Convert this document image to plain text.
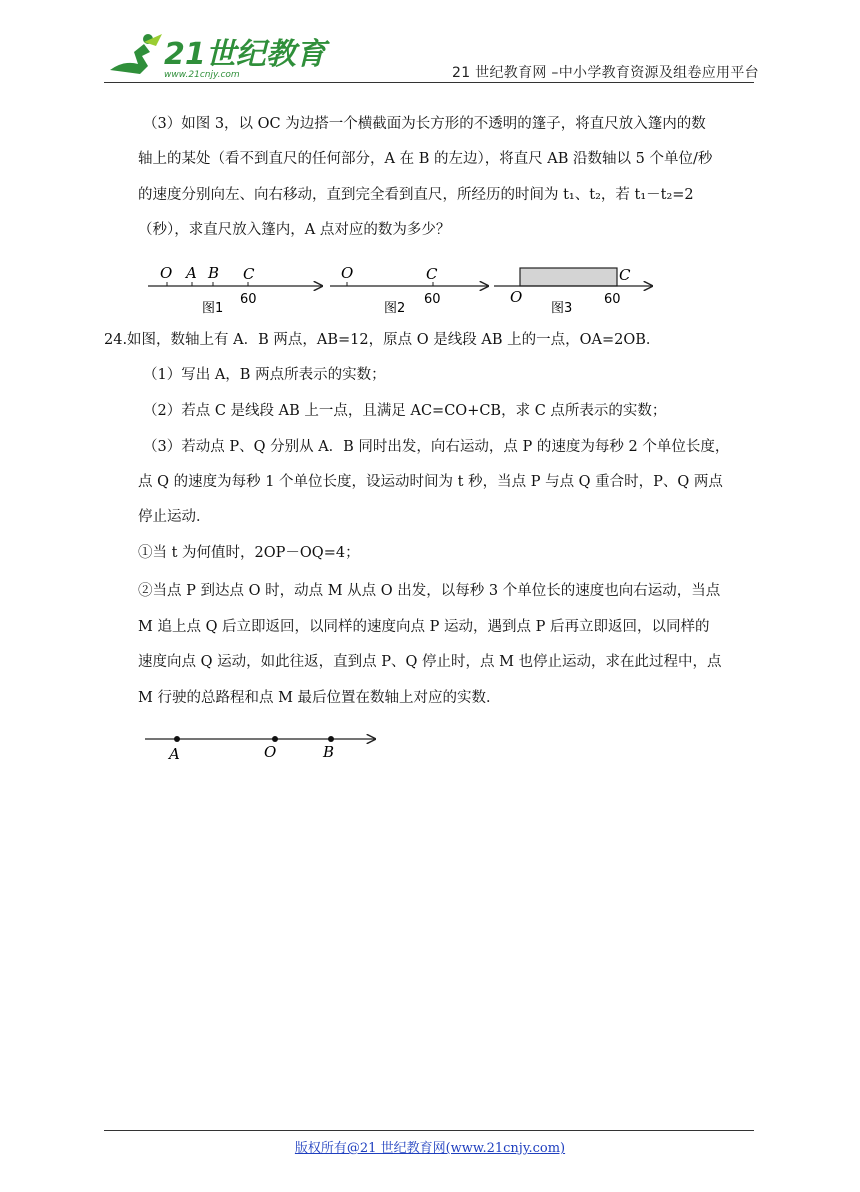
21世纪教育
www.21cnjy.com	21 世纪教育网 –中小学教育资源及组卷应用平台
（3）如图 3，以 OC 为边搭一个横截面为长方形的不透明的篷子，将直尺放入篷内的数
轴上的某处（看不到直尺的任何部分，A 在 B 的左边），将直尺 AB 沿数轴以 5 个单位/秒
的速度分别向左、向右移动，直到完全看到直尺，所经历的时间为 t₁、t₂，若 t₁－t₂=2
（秒），求直尺放入篷内，A 点对应的数为多少？
O A B C
60
图1
O	C
60
图2
C
O	60
图3
24.如图，数轴上有 A．B 两点，AB=12，原点 O 是线段 AB 上的一点，OA=2OB．
（1）写出 A，B 两点所表示的实数；
（2）若点 C 是线段 AB 上一点，且满足 AC=CO+CB，求 C 点所表示的实数；
（3）若动点 P、Q 分别从 A．B 同时出发，向右运动，点 P 的速度为每秒 2 个单位长度，
点 Q 的速度为每秒 1 个单位长度，设运动时间为 t 秒，当点 P 与点 Q 重合时，P、Q 两点
停止运动．
①当 t 为何值时，2OP－OQ=4；
②当点 P 到达点 O 时，动点 M 从点 O 出发，以每秒 3 个单位长的速度也向右运动，当点
M 追上点 Q 后立即返回，以同样的速度向点 P 运动，遇到点 P 后再立即返回，以同样的
速度向点 Q 运动，如此往返，直到点 P、Q 停止时，点 M 也停止运动，求在此过程中，点
M 行驶的总路程和点 M 最后位置在数轴上对应的实数．
A	O	B
版权所有@21 世纪教育网(www.21cnjy.com)
